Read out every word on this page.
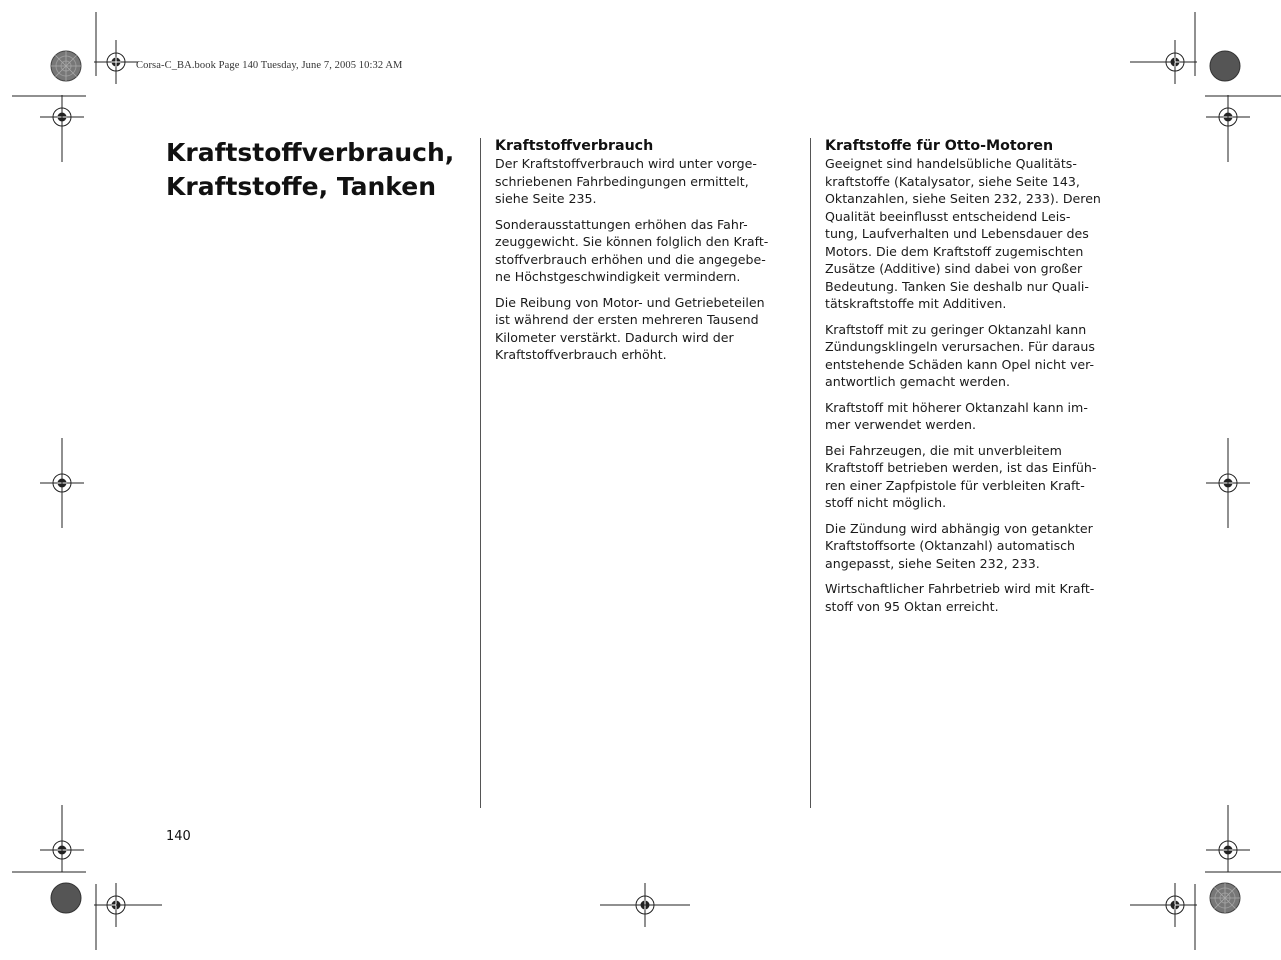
Corsa-C_BA.book Page 140 Tuesday, June 7, 2005 10:32 AM
Kraftstoffverbrauch,
Kraftstoffe, Tanken
Kraftstoffverbrauch

Der Kraftstoffverbrauch wird unter vorge-
schriebenen Fahrbedingungen ermittelt,
siehe Seite 235.

Sonderausstattungen erhöhen das Fahr-
zeuggewicht. Sie können folglich den Kraft-
stoffverbrauch erhöhen und die angegebe-
ne Höchstgeschwindigkeit vermindern.

Die Reibung von Motor- und Getriebeteilen
ist während der ersten mehreren Tausend
Kilometer verstärkt. Dadurch wird der
Kraftstoffverbrauch erhöht.

Kraftstoffe für Otto-Motoren

Geeignet sind handelsübliche Qualitäts-
kraftstoffe (Katalysator, siehe Seite 143,
Oktanzahlen, siehe Seiten 232, 233). Deren
Qualität beeinflusst entscheidend Leis-
tung, Laufverhalten und Lebensdauer des
Motors. Die dem Kraftstoff zugemischten
Zusätze (Additive) sind dabei von großer
Bedeutung. Tanken Sie deshalb nur Quali-
tätskraftstoffe mit Additiven.

Kraftstoff mit zu geringer Oktanzahl kann
Zündungsklingeln verursachen. Für daraus
entstehende Schäden kann Opel nicht ver-
antwortlich gemacht werden.

Kraftstoff mit höherer Oktanzahl kann im-
mer verwendet werden.

Bei Fahrzeugen, die mit unverbleitem
Kraftstoff betrieben werden, ist das Einfüh-
ren einer Zapfpistole für verbleiten Kraft-
stoff nicht möglich.

Die Zündung wird abhängig von getankter
Kraftstoffsorte (Oktanzahl) automatisch
angepasst, siehe Seiten 232, 233.

Wirtschaftlicher Fahrbetrieb wird mit Kraft-
stoff von 95 Oktan erreicht.

140
